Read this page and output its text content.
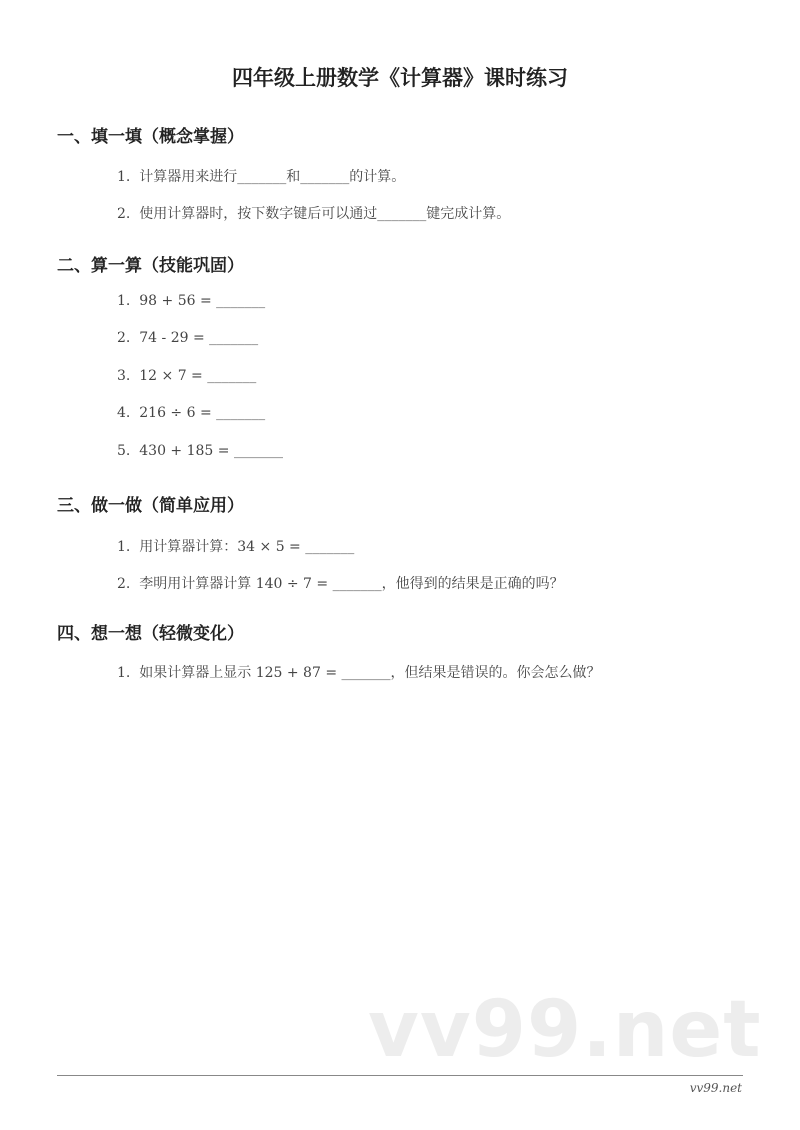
四年级上册数学《计算器》课时练习
一、填一填（概念掌握）
1.  计算器用来进行_______和_______的计算。
2.  使用计算器时，按下数字键后可以通过_______键完成计算。
二、算一算（技能巩固）
1.  98 + 56 = _______
2.  74 - 29 = _______
3.  12 × 7 = _______
4.  216 ÷ 6 = _______
5.  430 + 185 = _______
三、做一做（简单应用）
1.  用计算器计算：34 × 5 = _______
2.  李明用计算器计算 140 ÷ 7 = _______，他得到的结果是正确的吗？
四、想一想（轻微变化）
1.  如果计算器上显示 125 + 87 = _______，但结果是错误的。你会怎么做？
vv99.net
vv99.net
